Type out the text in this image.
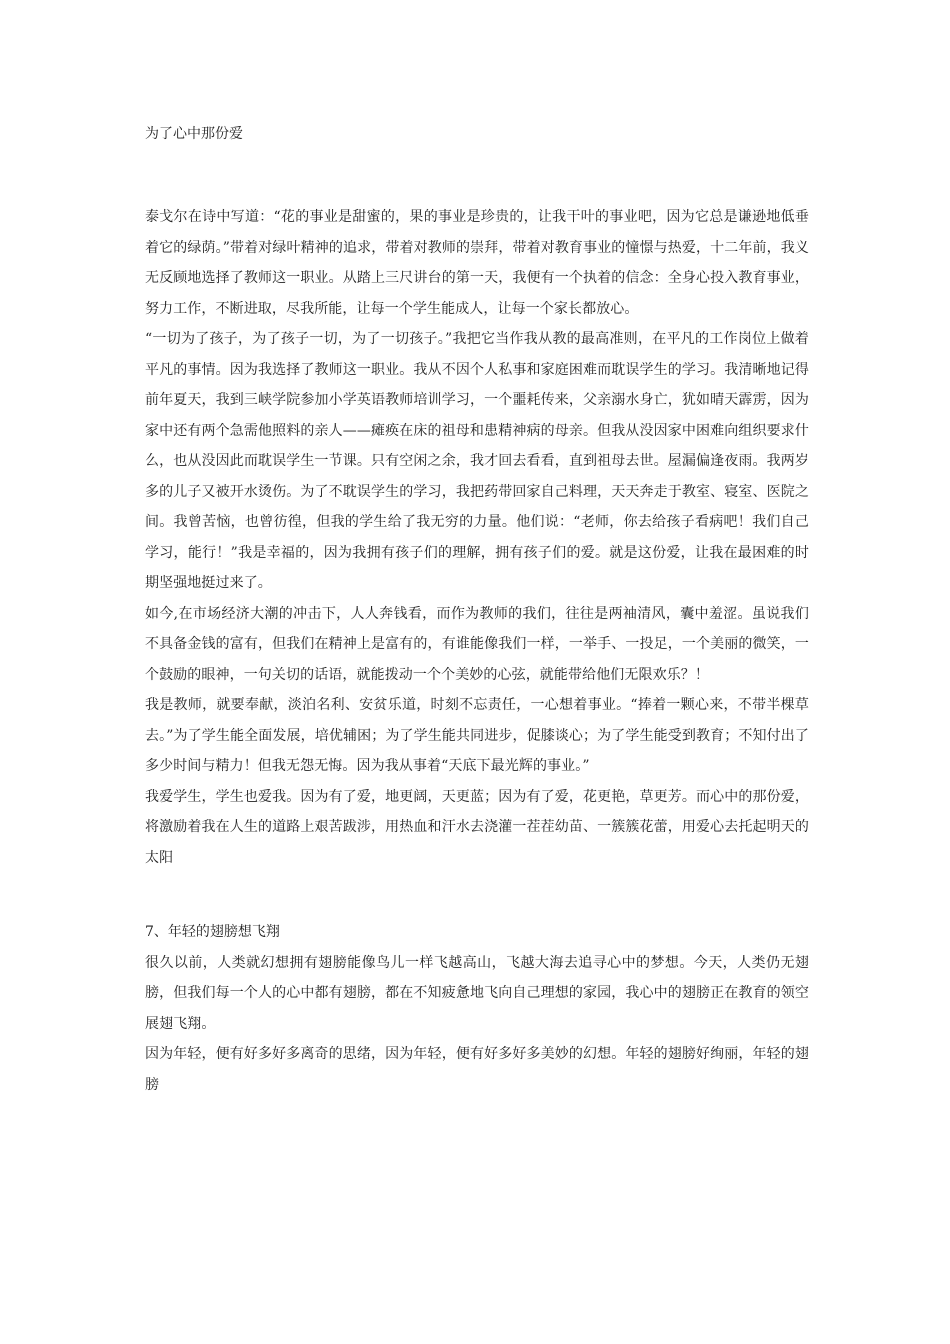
为了心中那份爱

泰戈尔在诗中写道：“花的事业是甜蜜的，果的事业是珍贵的，让我干叶的事业吧，因为它总是谦逊地低垂着它的绿荫。”带着对绿叶精神的追求，带着对教师的崇拜，带着对教育事业的憧憬与热爱，十二年前，我义无反顾地选择了教师这一职业。从踏上三尺讲台的第一天，我便有一个执着的信念：全身心投入教育事业，努力工作，不断进取，尽我所能，让每一个学生能成人，让每一个家长都放心。

“一切为了孩子，为了孩子一切，为了一切孩子。”我把它当作我从教的最高准则，在平凡的工作岗位上做着平凡的事情。因为我选择了教师这一职业。我从不因个人私事和家庭困难而耽误学生的学习。我清晰地记得前年夏天，我到三峡学院参加小学英语教师培训学习，一个噩耗传来，父亲溺水身亡，犹如晴天霹雳，因为家中还有两个急需他照料的亲人——瘫痪在床的祖母和患精神病的母亲。但我从没因家中困难向组织要求什么，也从没因此而耽误学生一节课。只有空闲之余，我才回去看看，直到祖母去世。屋漏偏逢夜雨。我两岁多的儿子又被开水烫伤。为了不耽误学生的学习，我把药带回家自己料理，天天奔走于教室、寝室、医院之间。我曾苦恼，也曾彷徨，但我的学生给了我无穷的力量。他们说：“老师，你去给孩子看病吧！我们自己学习，能行！”我是幸福的，因为我拥有孩子们的理解，拥有孩子们的爱。就是这份爱，让我在最困难的时期坚强地挺过来了。

如今,在市场经济大潮的冲击下，人人奔钱看，而作为教师的我们，往往是两袖清风，囊中羞涩。虽说我们不具备金钱的富有，但我们在精神上是富有的，有谁能像我们一样，一举手、一投足，一个美丽的微笑，一个鼓励的眼神，一句关切的话语，就能拨动一个个美妙的心弦，就能带给他们无限欢乐？！

我是教师，就要奉献，淡泊名利、安贫乐道，时刻不忘责任，一心想着事业。“捧着一颗心来，不带半棵草去。”为了学生能全面发展，培优辅困；为了学生能共同进步，促膝谈心；为了学生能受到教育；不知付出了多少时间与精力！但我无怨无悔。因为我从事着“天底下最光辉的事业。”

我爱学生，学生也爱我。因为有了爱，地更阔，天更蓝；因为有了爱，花更艳，草更芳。而心中的那份爱，将激励着我在人生的道路上艰苦跋涉，用热血和汗水去浇灌一茬茬幼苗、一簇簇花蕾，用爱心去托起明天的太阳

7、年轻的翅膀想飞翔

很久以前，人类就幻想拥有翅膀能像鸟儿一样飞越高山，飞越大海去追寻心中的梦想。今天，人类仍无翅膀，但我们每一个人的心中都有翅膀，都在不知疲惫地飞向自己理想的家园，我心中的翅膀正在教育的领空展翅飞翔。

因为年轻，便有好多好多离奇的思绪，因为年轻，便有好多好多美妙的幻想。年轻的翅膀好绚丽，年轻的翅膀
